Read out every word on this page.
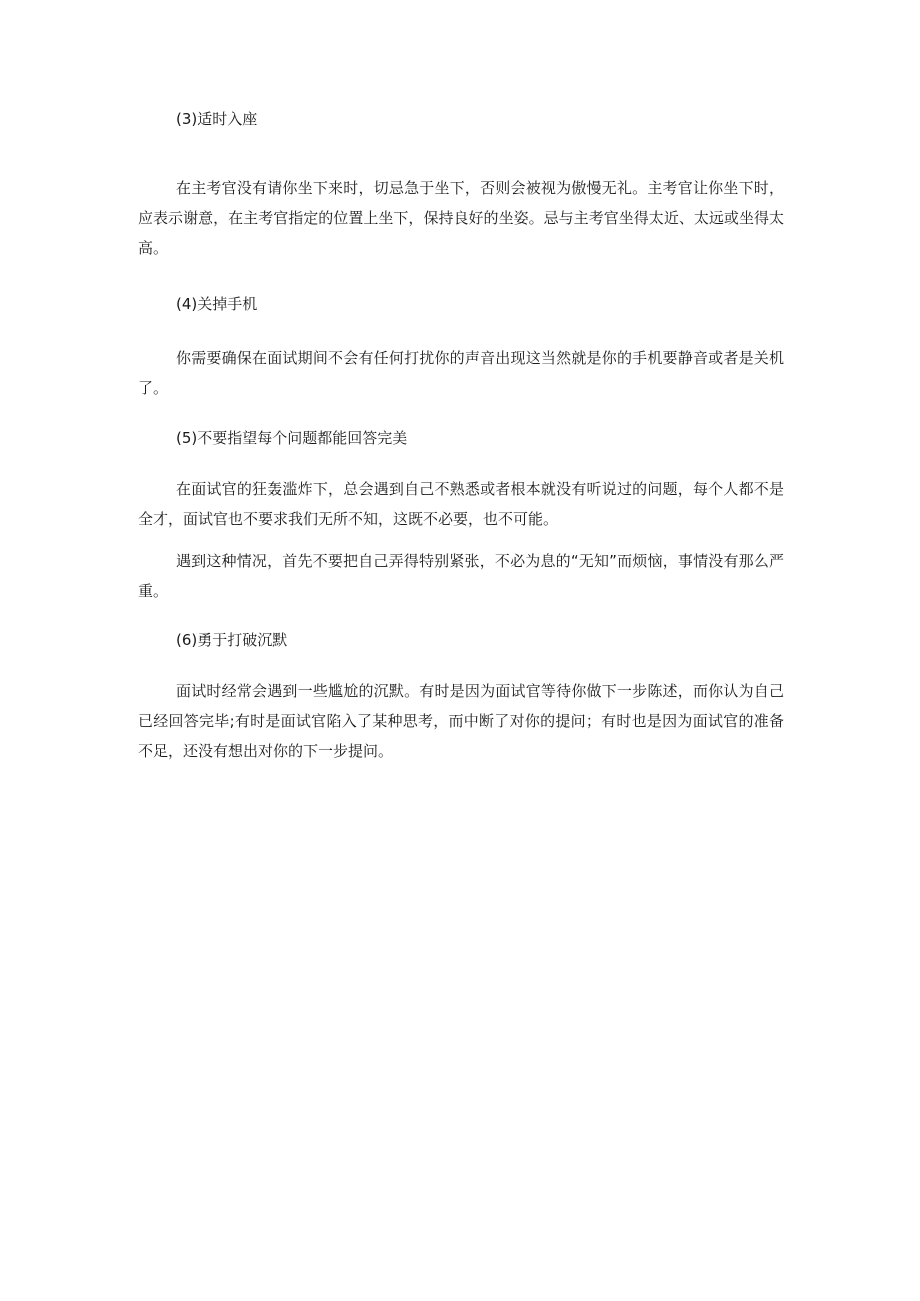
(3)适时入座

在主考官没有请你坐下来时，切忌急于坐下，否则会被视为傲慢无礼。主考官让你坐下时，应表示谢意，在主考官指定的位置上坐下，保持良好的坐姿。忌与主考官坐得太近、太远或坐得太高。

(4)关掉手机

你需要确保在面试期间不会有任何打扰你的声音出现这当然就是你的手机要静音或者是关机了。

(5)不要指望每个问题都能回答完美

在面试官的狂轰滥炸下，总会遇到自己不熟悉或者根本就没有听说过的问题，每个人都不是全才，面试官也不要求我们无所不知，这既不必要，也不可能。

遇到这种情况，首先不要把自己弄得特别紧张，不必为息的“无知”而烦恼，事情没有那么严重。

(6)勇于打破沉默

面试时经常会遇到一些尴尬的沉默。有时是因为面试官等待你做下一步陈述，而你认为自己已经回答完毕;有时是面试官陷入了某种思考，而中断了对你的提问；有时也是因为面试官的准备不足，还没有想出对你的下一步提问。
